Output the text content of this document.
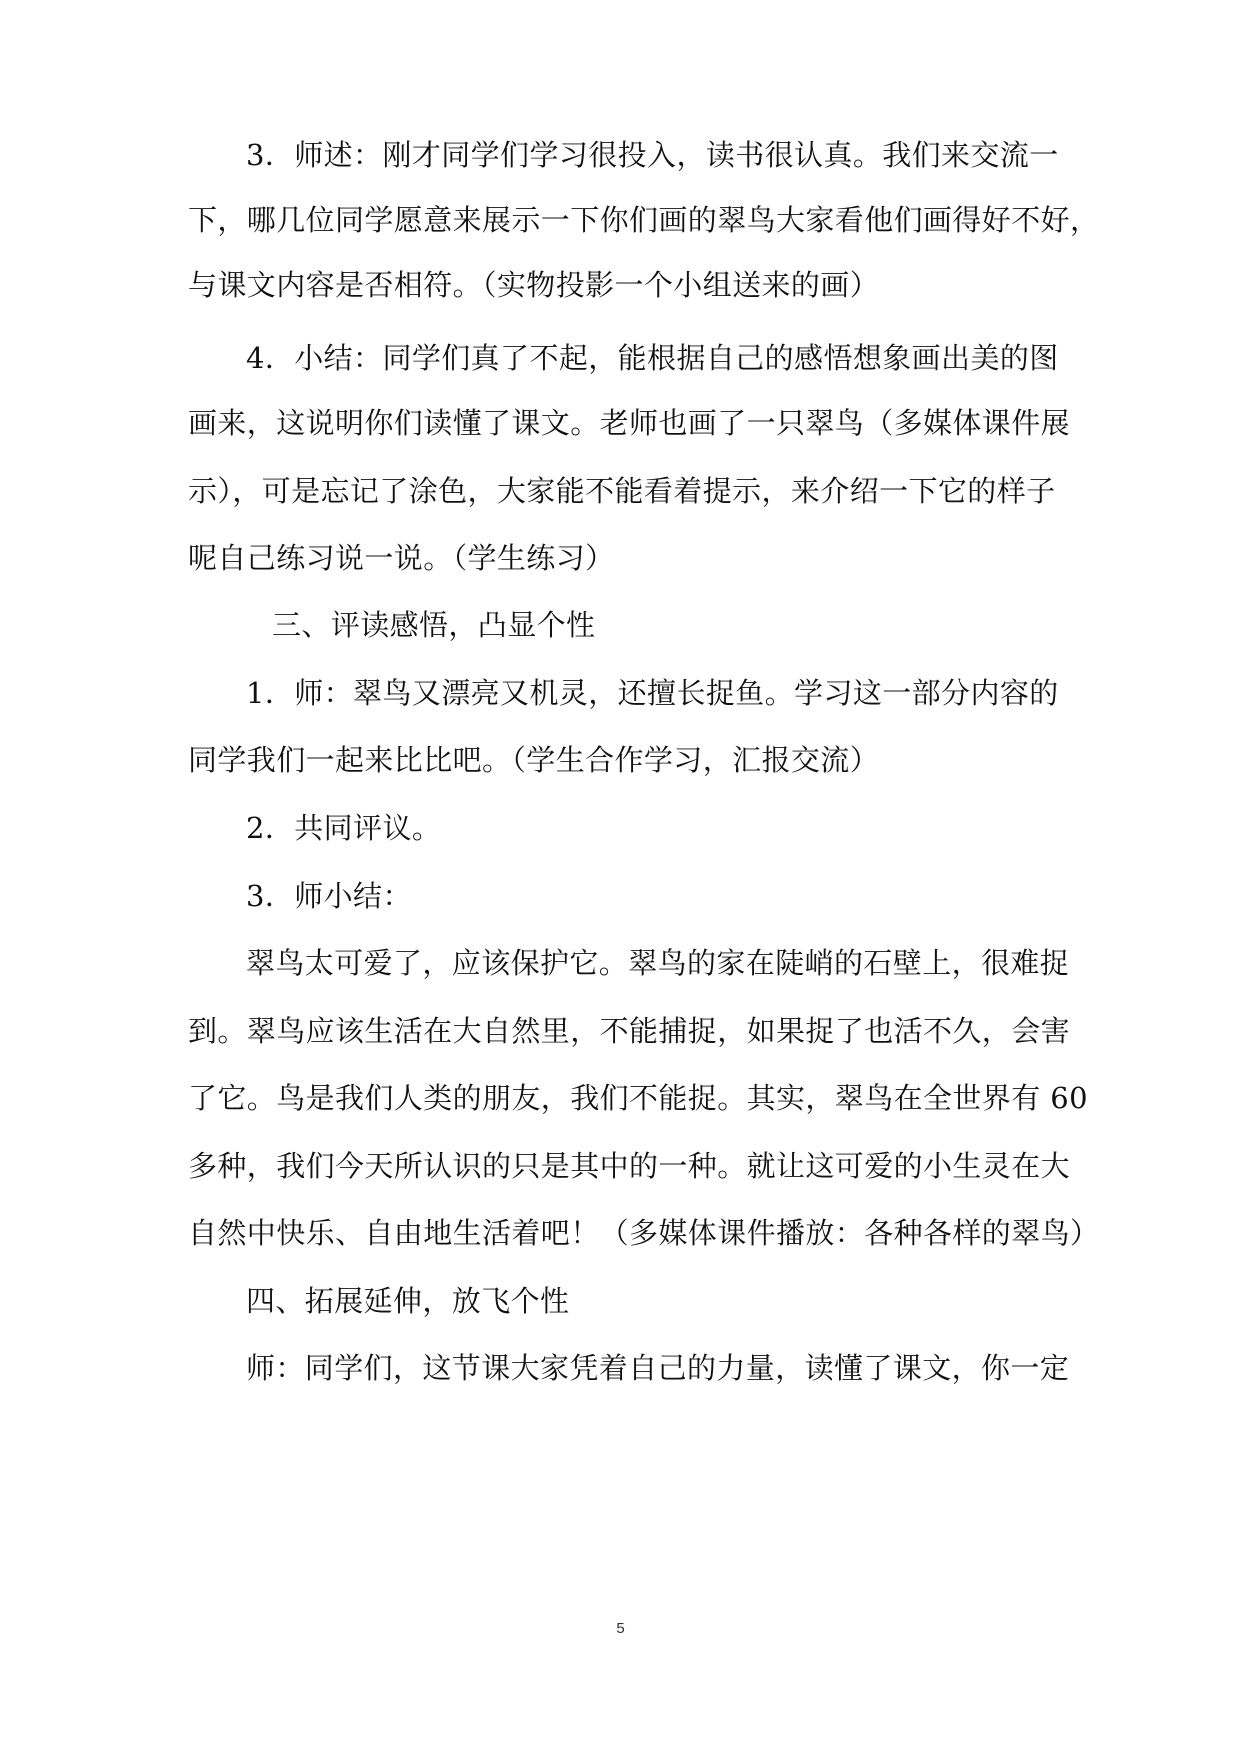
3．师述：刚才同学们学习很投入，读书很认真。我们来交流一
下，哪几位同学愿意来展示一下你们画的翠鸟大家看他们画得好不好，
与课文内容是否相符。（实物投影一个小组送来的画）
4．小结：同学们真了不起，能根据自己的感悟想象画出美的图
画来，这说明你们读懂了课文。老师也画了一只翠鸟（多媒体课件展
示），可是忘记了涂色，大家能不能看着提示，来介绍一下它的样子
呢自己练习说一说。（学生练习）
三、评读感悟，凸显个性
1．师：翠鸟又漂亮又机灵，还擅长捉鱼。学习这一部分内容的
同学我们一起来比比吧。（学生合作学习，汇报交流）
2．共同评议。
3．师小结：
翠鸟太可爱了，应该保护它。翠鸟的家在陡峭的石壁上，很难捉
到。翠鸟应该生活在大自然里，不能捕捉，如果捉了也活不久，会害
了它。鸟是我们人类的朋友，我们不能捉。其实，翠鸟在全世界有 60
多种，我们今天所认识的只是其中的一种。就让这可爱的小生灵在大
自然中快乐、自由地生活着吧！（多媒体课件播放：各种各样的翠鸟）
四、拓展延伸，放飞个性
师：同学们，这节课大家凭着自己的力量，读懂了课文，你一定
5
